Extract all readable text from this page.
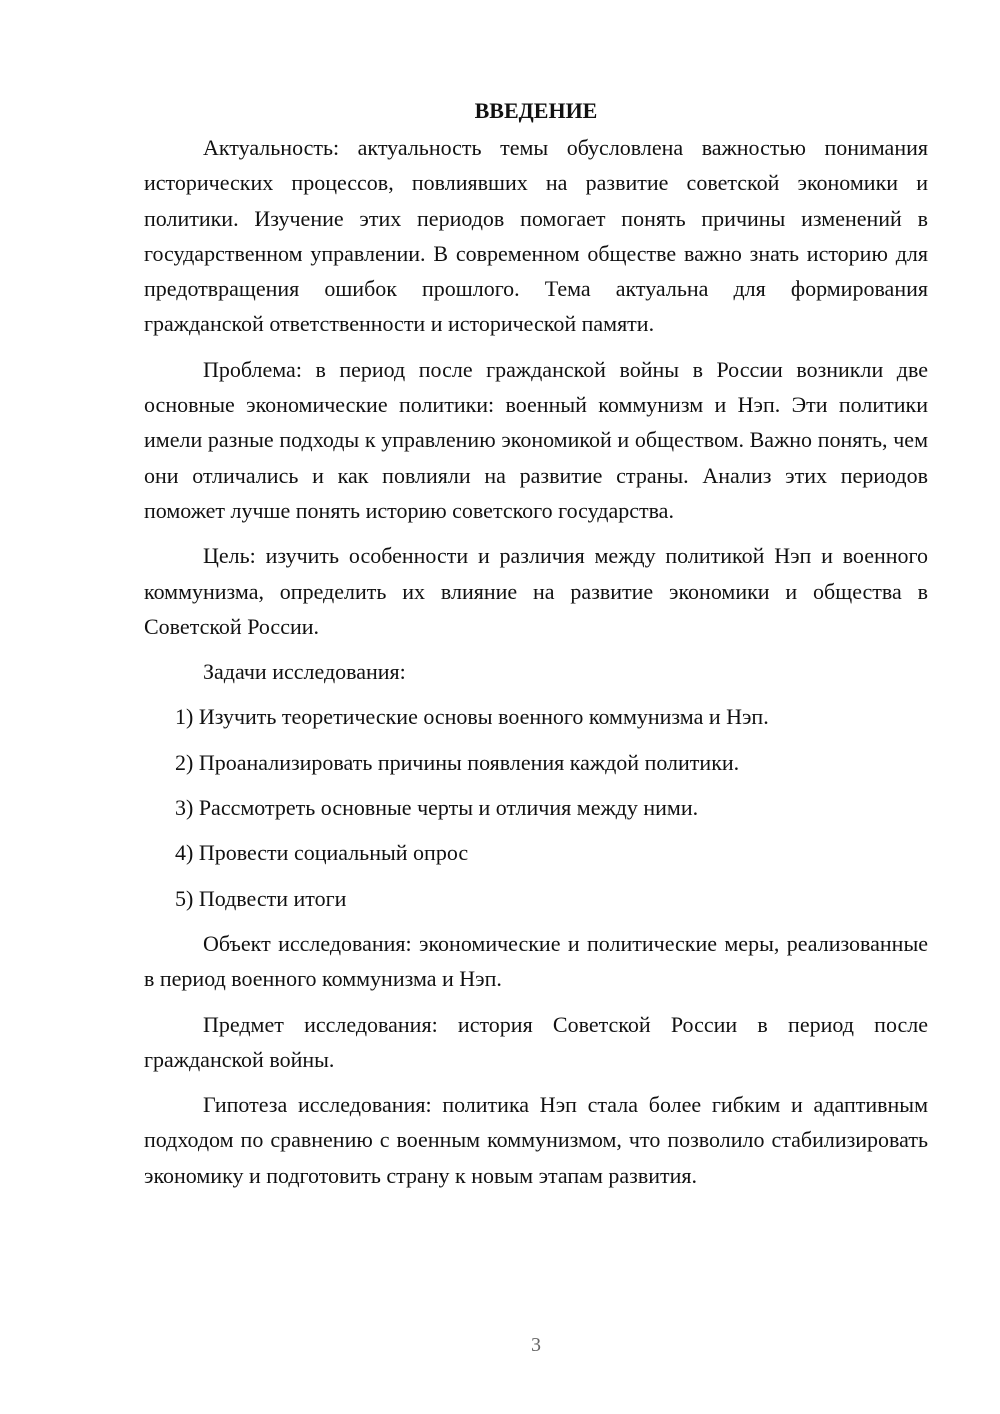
ВВЕДЕНИЕ

Актуальность: актуальность темы обусловлена важностью понимания исторических процессов, повлиявших на развитие советской экономики и политики. Изучение этих периодов помогает понять причины изменений в государственном управлении. В современном обществе важно знать историю для предотвращения ошибок прошлого. Тема актуальна для формирования гражданской ответственности и исторической памяти.

Проблема: в период после гражданской войны в России возникли две основные экономические политики: военный коммунизм и Нэп. Эти политики имели разные подходы к управлению экономикой и обществом. Важно понять, чем они отличались и как повлияли на развитие страны. Анализ этих периодов поможет лучше понять историю советского государства.

Цель: изучить особенности и различия между политикой Нэп и военного коммунизма, определить их влияние на развитие экономики и общества в Советской России.

Задачи исследования:

1) Изучить теоретические основы военного коммунизма и Нэп.
2) Проанализировать причины появления каждой политики.
3) Рассмотреть основные черты и отличия между ними.
4) Провести социальный опрос
5) Подвести итоги

Объект исследования: экономические и политические меры, реализованные в период военного коммунизма и Нэп.

Предмет исследования: история Советской России в период после гражданской войны.

Гипотеза исследования: политика Нэп стала более гибким и адаптивным подходом по сравнению с военным коммунизмом, что позволило стабилизировать экономику и подготовить страну к новым этапам развития.

3
